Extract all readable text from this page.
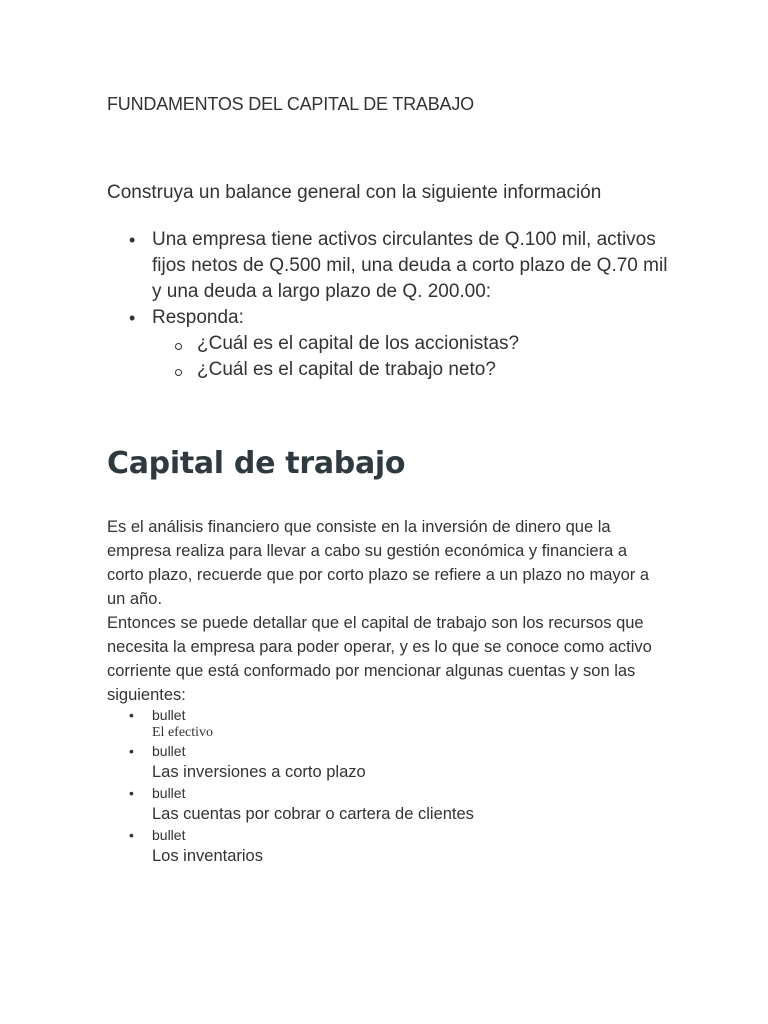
FUNDAMENTOS DEL CAPITAL DE TRABAJO

Construya un balance general con la siguiente información

• Una empresa tiene activos circulantes de Q.100 mil, activos fijos netos de Q.500 mil, una deuda a corto plazo de Q.70 mil y una deuda a largo plazo de Q. 200.00:
• Responda:
¿Cuál es el capital de los accionistas?
¿Cuál es el capital de trabajo neto?
Capital de trabajo

Es el análisis financiero que consiste en la inversión de dinero que la empresa realiza para llevar a cabo su gestión económica y financiera a corto plazo, recuerde que por corto plazo se refiere a un plazo no mayor a un año.

Entonces se puede detallar que el capital de trabajo son los recursos que necesita la empresa para poder operar, y es lo que se conoce como activo corriente que está conformado por mencionar algunas cuentas y son las siguientes:

• bullet
El efectivo
• bullet
Las inversiones a corto plazo
• bullet
Las cuentas por cobrar o cartera de clientes
• bullet
Los inventarios
